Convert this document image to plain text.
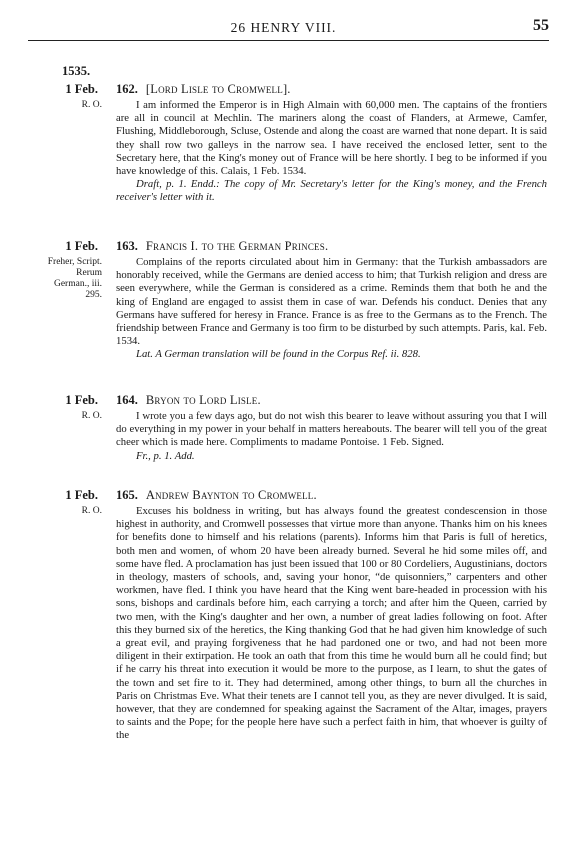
26 HENRY VIII.	55
1535.
1 Feb.
R. O.
162. [Lord Lisle to Cromwell].

I am informed the Emperor is in High Almain with 60,000 men. The captains of the frontiers are all in council at Mechlin. The mariners along the coast of Flanders, at Armewe, Camfer, Flushing, Middleborough, Scluse, Ostende and along the coast are warned that none depart. It is said they shall row two galleys in the narrow sea. I have received the enclosed letter, sent to the Secretary here, that the King's money out of France will be here shortly. I beg to be informed if you have knowledge of this. Calais, 1 Feb. 1534.

Draft, p. 1. Endd.: The copy of Mr. Secretary's letter for the King's money, and the French receiver's letter with it.

1 Feb.
Freher, Script. Rerum German., iii. 295.
163. Francis I. to the German Princes.

Complains of the reports circulated about him in Germany: that the Turkish ambassadors are honorably received, while the Germans are denied access to him; that Turkish religion and dress are seen everywhere, while the German is considered as a crime. Reminds them that both he and the king of England are engaged to assist them in case of war. Defends his conduct. Denies that any Germans have suffered for heresy in France. France is as free to the Germans as to the French. The friendship between France and Germany is too firm to be disturbed by such attempts. Paris, kal. Feb. 1534.

Lat. A German translation will be found in the Corpus Ref. ii. 828.

1 Feb.
R. O.
164. Bryon to Lord Lisle.

I wrote you a few days ago, but do not wish this bearer to leave without assuring you that I will do everything in my power in your behalf in matters hereabouts. The bearer will tell you of the great cheer which is made here. Compliments to madame Pontoise. 1 Feb. Signed.

Fr., p. 1. Add.

1 Feb.
R. O.
165. Andrew Baynton to Cromwell.

Excuses his boldness in writing, but has always found the greatest condescension in those highest in authority, and Cromwell possesses that virtue more than anyone. Thanks him on his knees for benefits done to himself and his relations (parents). Informs him that Paris is full of heretics, both men and women, of whom 20 have been already burned. Several he hid some miles off, and some have fled. A proclamation has just been issued that 100 or 80 Cordeliers, Augustinians, doctors in theology, masters of schools, and, saving your honor, “de quisonniers,” carpenters and other workmen, have fled. I think you have heard that the King went bare-headed in procession with his sons, bishops and cardinals before him, each carrying a torch; and after him the Queen, carried by two men, with the King's daughter and her own, a number of great ladies following on foot. After this they burned six of the heretics, the King thanking God that he had given him knowledge of such a great evil, and praying forgiveness that he had pardoned one or two, and had not been more diligent in their extirpation. He took an oath that from this time he would burn all he could find; but if he carry his threat into execution it would be more to the purpose, as I learn, to shut the gates of the town and set fire to it. They had determined, among other things, to burn all the churches in Paris on Christmas Eve. What their tenets are I cannot tell you, as they are never divulged. It is said, however, that they are condemned for speaking against the Sacrament of the Altar, images, prayers to saints and the Pope; for the people here have such a perfect faith in him, that whoever is guilty of the
